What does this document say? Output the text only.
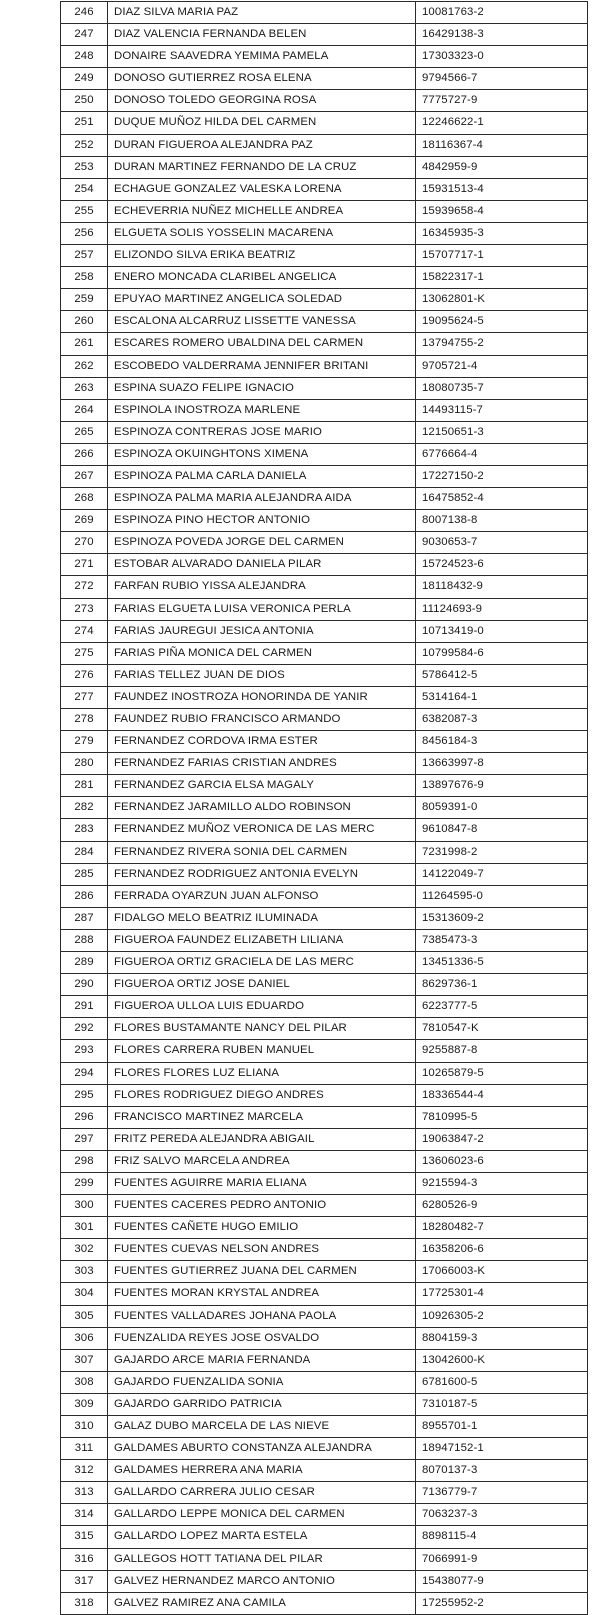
246	DIAZ SILVA MARIA PAZ	10081763-2
247	DIAZ VALENCIA FERNANDA BELEN	16429138-3
248	DONAIRE SAAVEDRA YEMIMA PAMELA	17303323-0
249	DONOSO GUTIERREZ ROSA ELENA	9794566-7
250	DONOSO TOLEDO GEORGINA ROSA	7775727-9
251	DUQUE MUÑOZ HILDA DEL CARMEN	12246622-1
252	DURAN FIGUEROA ALEJANDRA PAZ	18116367-4
253	DURAN MARTINEZ FERNANDO DE LA CRUZ	4842959-9
254	ECHAGUE GONZALEZ VALESKA LORENA	15931513-4
255	ECHEVERRIA NUÑEZ MICHELLE ANDREA	15939658-4
256	ELGUETA SOLIS YOSSELIN MACARENA	16345935-3
257	ELIZONDO SILVA ERIKA BEATRIZ	15707717-1
258	ENERO MONCADA CLARIBEL ANGELICA	15822317-1
259	EPUYAO MARTINEZ ANGELICA SOLEDAD	13062801-K
260	ESCALONA ALCARRUZ LISSETTE VANESSA	19095624-5
261	ESCARES ROMERO UBALDINA DEL CARMEN	13794755-2
262	ESCOBEDO VALDERRAMA JENNIFER BRITANI	9705721-4
263	ESPINA SUAZO FELIPE IGNACIO	18080735-7
264	ESPINOLA INOSTROZA MARLENE	14493115-7
265	ESPINOZA CONTRERAS JOSE MARIO	12150651-3
266	ESPINOZA OKUINGHTONS XIMENA	6776664-4
267	ESPINOZA PALMA CARLA DANIELA	17227150-2
268	ESPINOZA PALMA MARIA ALEJANDRA AIDA	16475852-4
269	ESPINOZA PINO HECTOR ANTONIO	8007138-8
270	ESPINOZA POVEDA JORGE DEL CARMEN	9030653-7
271	ESTOBAR ALVARADO DANIELA PILAR	15724523-6
272	FARFAN RUBIO YISSA ALEJANDRA	18118432-9
273	FARIAS ELGUETA LUISA VERONICA PERLA	11124693-9
274	FARIAS JAUREGUI JESICA ANTONIA	10713419-0
275	FARIAS PIÑA MONICA DEL CARMEN	10799584-6
276	FARIAS TELLEZ JUAN DE DIOS	5786412-5
277	FAUNDEZ INOSTROZA HONORINDA DE YANIR	5314164-1
278	FAUNDEZ RUBIO FRANCISCO ARMANDO	6382087-3
279	FERNANDEZ CORDOVA IRMA ESTER	8456184-3
280	FERNANDEZ FARIAS CRISTIAN ANDRES	13663997-8
281	FERNANDEZ GARCIA ELSA MAGALY	13897676-9
282	FERNANDEZ JARAMILLO ALDO ROBINSON	8059391-0
283	FERNANDEZ MUÑOZ VERONICA DE LAS MERC	9610847-8
284	FERNANDEZ RIVERA SONIA DEL CARMEN	7231998-2
285	FERNANDEZ RODRIGUEZ ANTONIA EVELYN	14122049-7
286	FERRADA OYARZUN JUAN ALFONSO	11264595-0
287	FIDALGO MELO BEATRIZ ILUMINADA	15313609-2
288	FIGUEROA FAUNDEZ ELIZABETH LILIANA	7385473-3
289	FIGUEROA ORTIZ GRACIELA DE LAS MERC	13451336-5
290	FIGUEROA ORTIZ JOSE DANIEL	8629736-1
291	FIGUEROA ULLOA LUIS EDUARDO	6223777-5
292	FLORES BUSTAMANTE NANCY DEL PILAR	7810547-K
293	FLORES CARRERA RUBEN MANUEL	9255887-8
294	FLORES FLORES LUZ ELIANA	10265879-5
295	FLORES RODRIGUEZ DIEGO ANDRES	18336544-4
296	FRANCISCO MARTINEZ MARCELA	7810995-5
297	FRITZ PEREDA ALEJANDRA ABIGAIL	19063847-2
298	FRIZ SALVO MARCELA ANDREA	13606023-6
299	FUENTES AGUIRRE MARIA ELIANA	9215594-3
300	FUENTES CACERES PEDRO ANTONIO	6280526-9
301	FUENTES CAÑETE HUGO EMILIO	18280482-7
302	FUENTES CUEVAS NELSON ANDRES	16358206-6
303	FUENTES GUTIERREZ JUANA DEL CARMEN	17066003-K
304	FUENTES MORAN KRYSTAL ANDREA	17725301-4
305	FUENTES VALLADARES JOHANA PAOLA	10926305-2
306	FUENZALIDA REYES JOSE OSVALDO	8804159-3
307	GAJARDO ARCE MARIA FERNANDA	13042600-K
308	GAJARDO FUENZALIDA SONIA	6781600-5
309	GAJARDO GARRIDO PATRICIA	7310187-5
310	GALAZ DUBO MARCELA DE LAS NIEVE	8955701-1
311	GALDAMES ABURTO CONSTANZA ALEJANDRA	18947152-1
312	GALDAMES HERRERA ANA MARIA	8070137-3
313	GALLARDO CARRERA JULIO CESAR	7136779-7
314	GALLARDO LEPPE MONICA DEL CARMEN	7063237-3
315	GALLARDO LOPEZ MARTA ESTELA	8898115-4
316	GALLEGOS HOTT TATIANA DEL PILAR	7066991-9
317	GALVEZ HERNANDEZ MARCO ANTONIO	15438077-9
318	GALVEZ RAMIREZ ANA CAMILA	17255952-2
